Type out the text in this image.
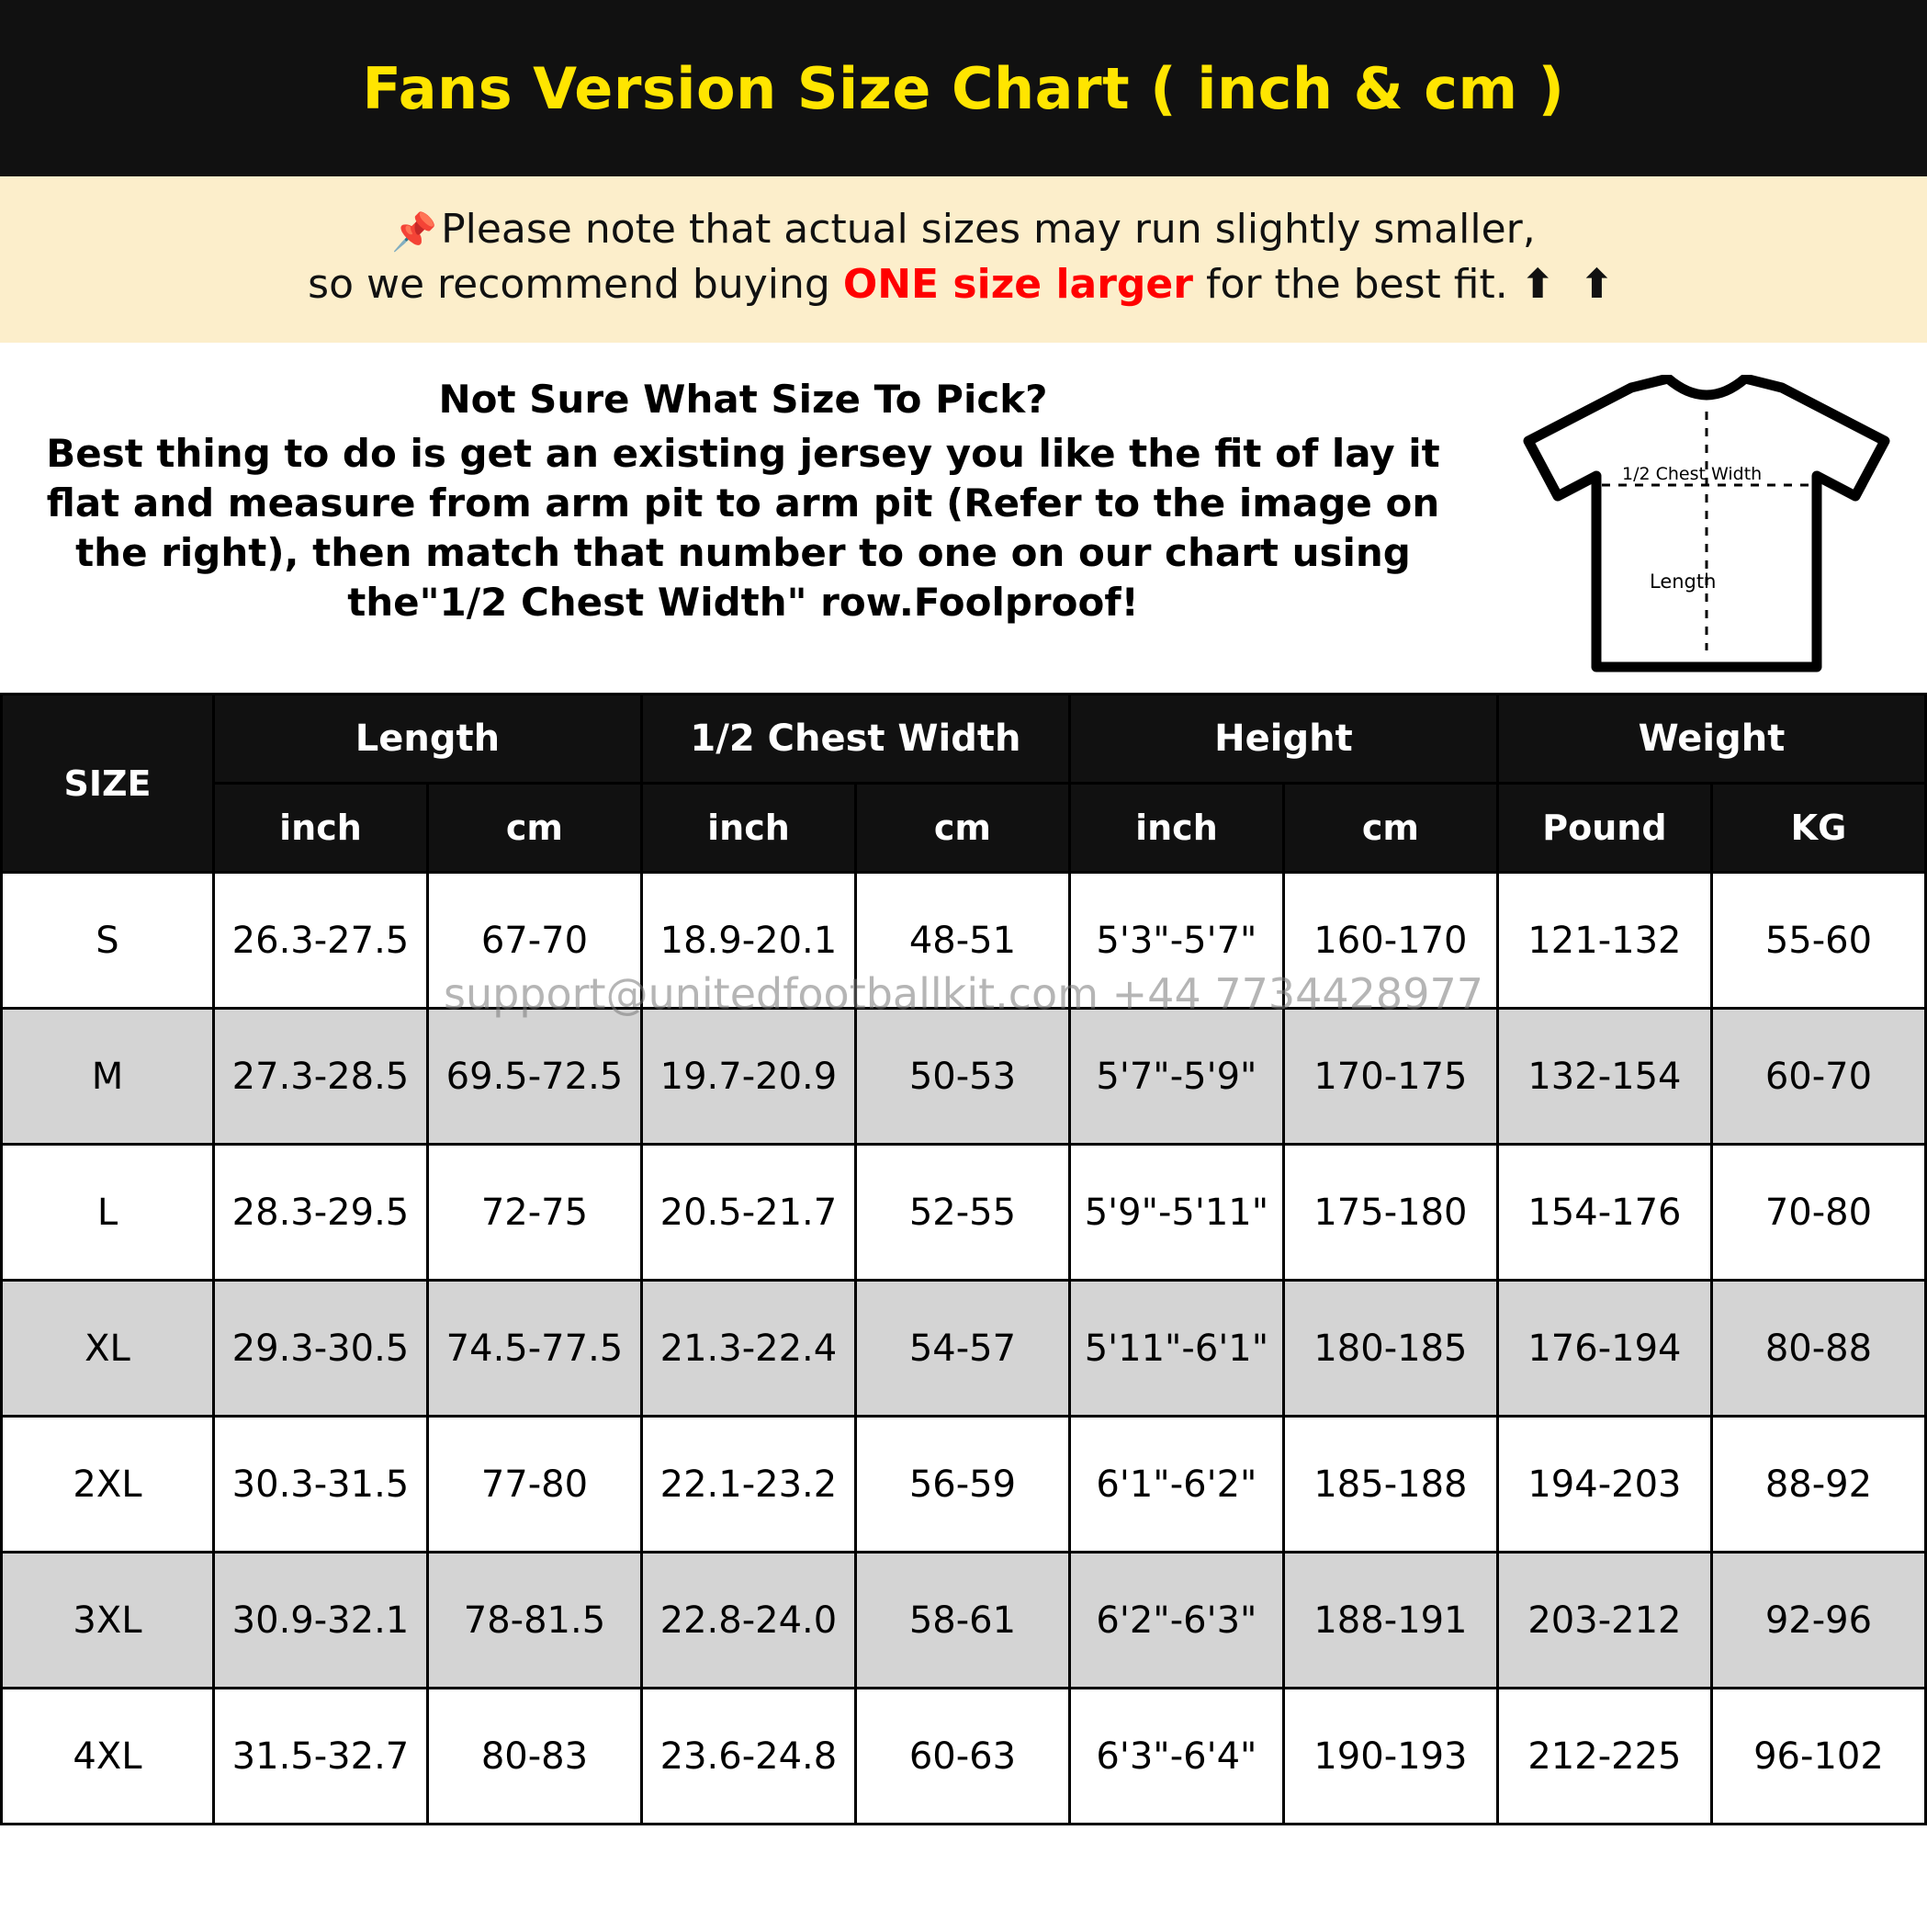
Fans Version Size Chart ( inch & cm )
📌Please note that actual sizes may run slightly smaller,
so we recommend buying ONE size larger for the best fit. ⬆ ⬆
Not Sure What Size To Pick?
Best thing to do is get an existing jersey you like the fit of lay it flat and measure from arm pit to arm pit (Refer to the image on the right), then match that number to one on our chart using the"1/2 Chest Width" row.Foolproof!
1/2 Chest Width
Length
SIZE	Length		1/2 Chest Width		Height		Weight	
	inch	cm	inch	cm	inch	cm	Pound	KG
S	26.3-27.5	67-70	18.9-20.1	48-51	5'3"-5'7"	160-170	121-132	55-60
M	27.3-28.5	69.5-72.5	19.7-20.9	50-53	5'7"-5'9"	170-175	132-154	60-70
L	28.3-29.5	72-75	20.5-21.7	52-55	5'9"-5'11"	175-180	154-176	70-80
XL	29.3-30.5	74.5-77.5	21.3-22.4	54-57	5'11"-6'1"	180-185	176-194	80-88
2XL	30.3-31.5	77-80	22.1-23.2	56-59	6'1"-6'2"	185-188	194-203	88-92
3XL	30.9-32.1	78-81.5	22.8-24.0	58-61	6'2"-6'3"	188-191	203-212	92-96
4XL	31.5-32.7	80-83	23.6-24.8	60-63	6'3"-6'4"	190-193	212-225	96-102
support@unitedfootballkit.com +44 7734428977
